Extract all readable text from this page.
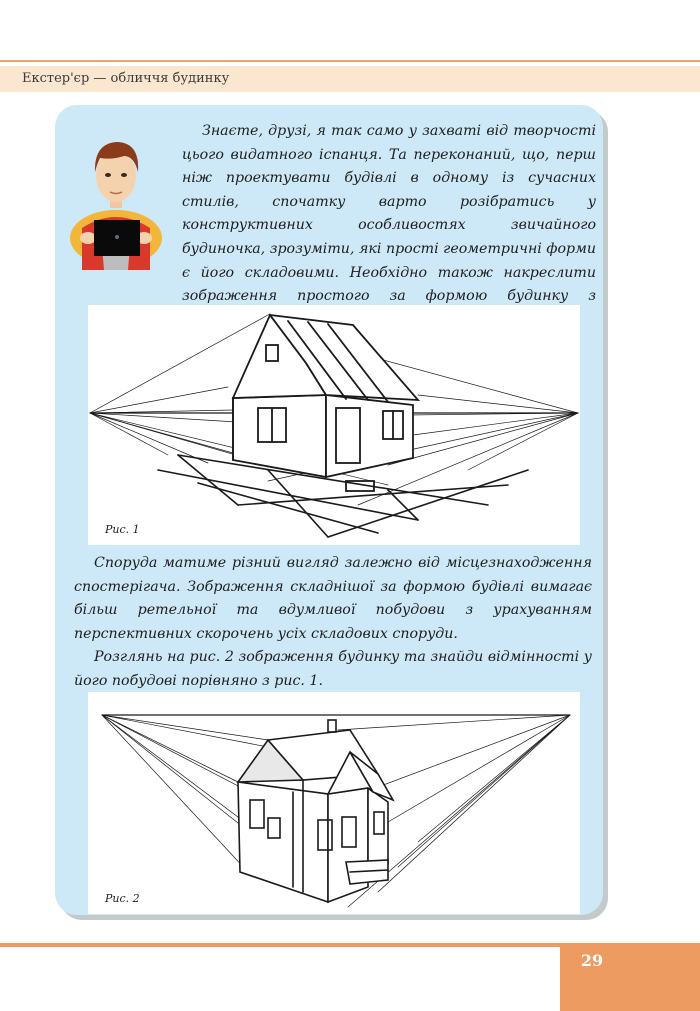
Екстер'єр — обличчя будинку

Знаєте, друзі, я так само у захваті від творчості цього видатного іспанця. Та переконаний, що, перш ніж проектувати будівлі в одному із сучасних стилів, спочатку варто розібратись у конструктивних особливостях звичайного будиночка, зрозуміти, які прості геометричні форми є його складовими. Необхідно також накреслити зображення простого за формою будинку з

Рис. 1

Споруда матиме різний вигляд залежно від місцезнаходження спостерігача. Зображення складнішої за формою будівлі вимагає більш ретельної та вдумливої побудови з урахуванням перспективних скорочень усіх складових споруди.

Розглянь на рис. 2 зображення будинку та знайди відмінності у його побудові порівняно з рис. 1.

Рис. 2
29
